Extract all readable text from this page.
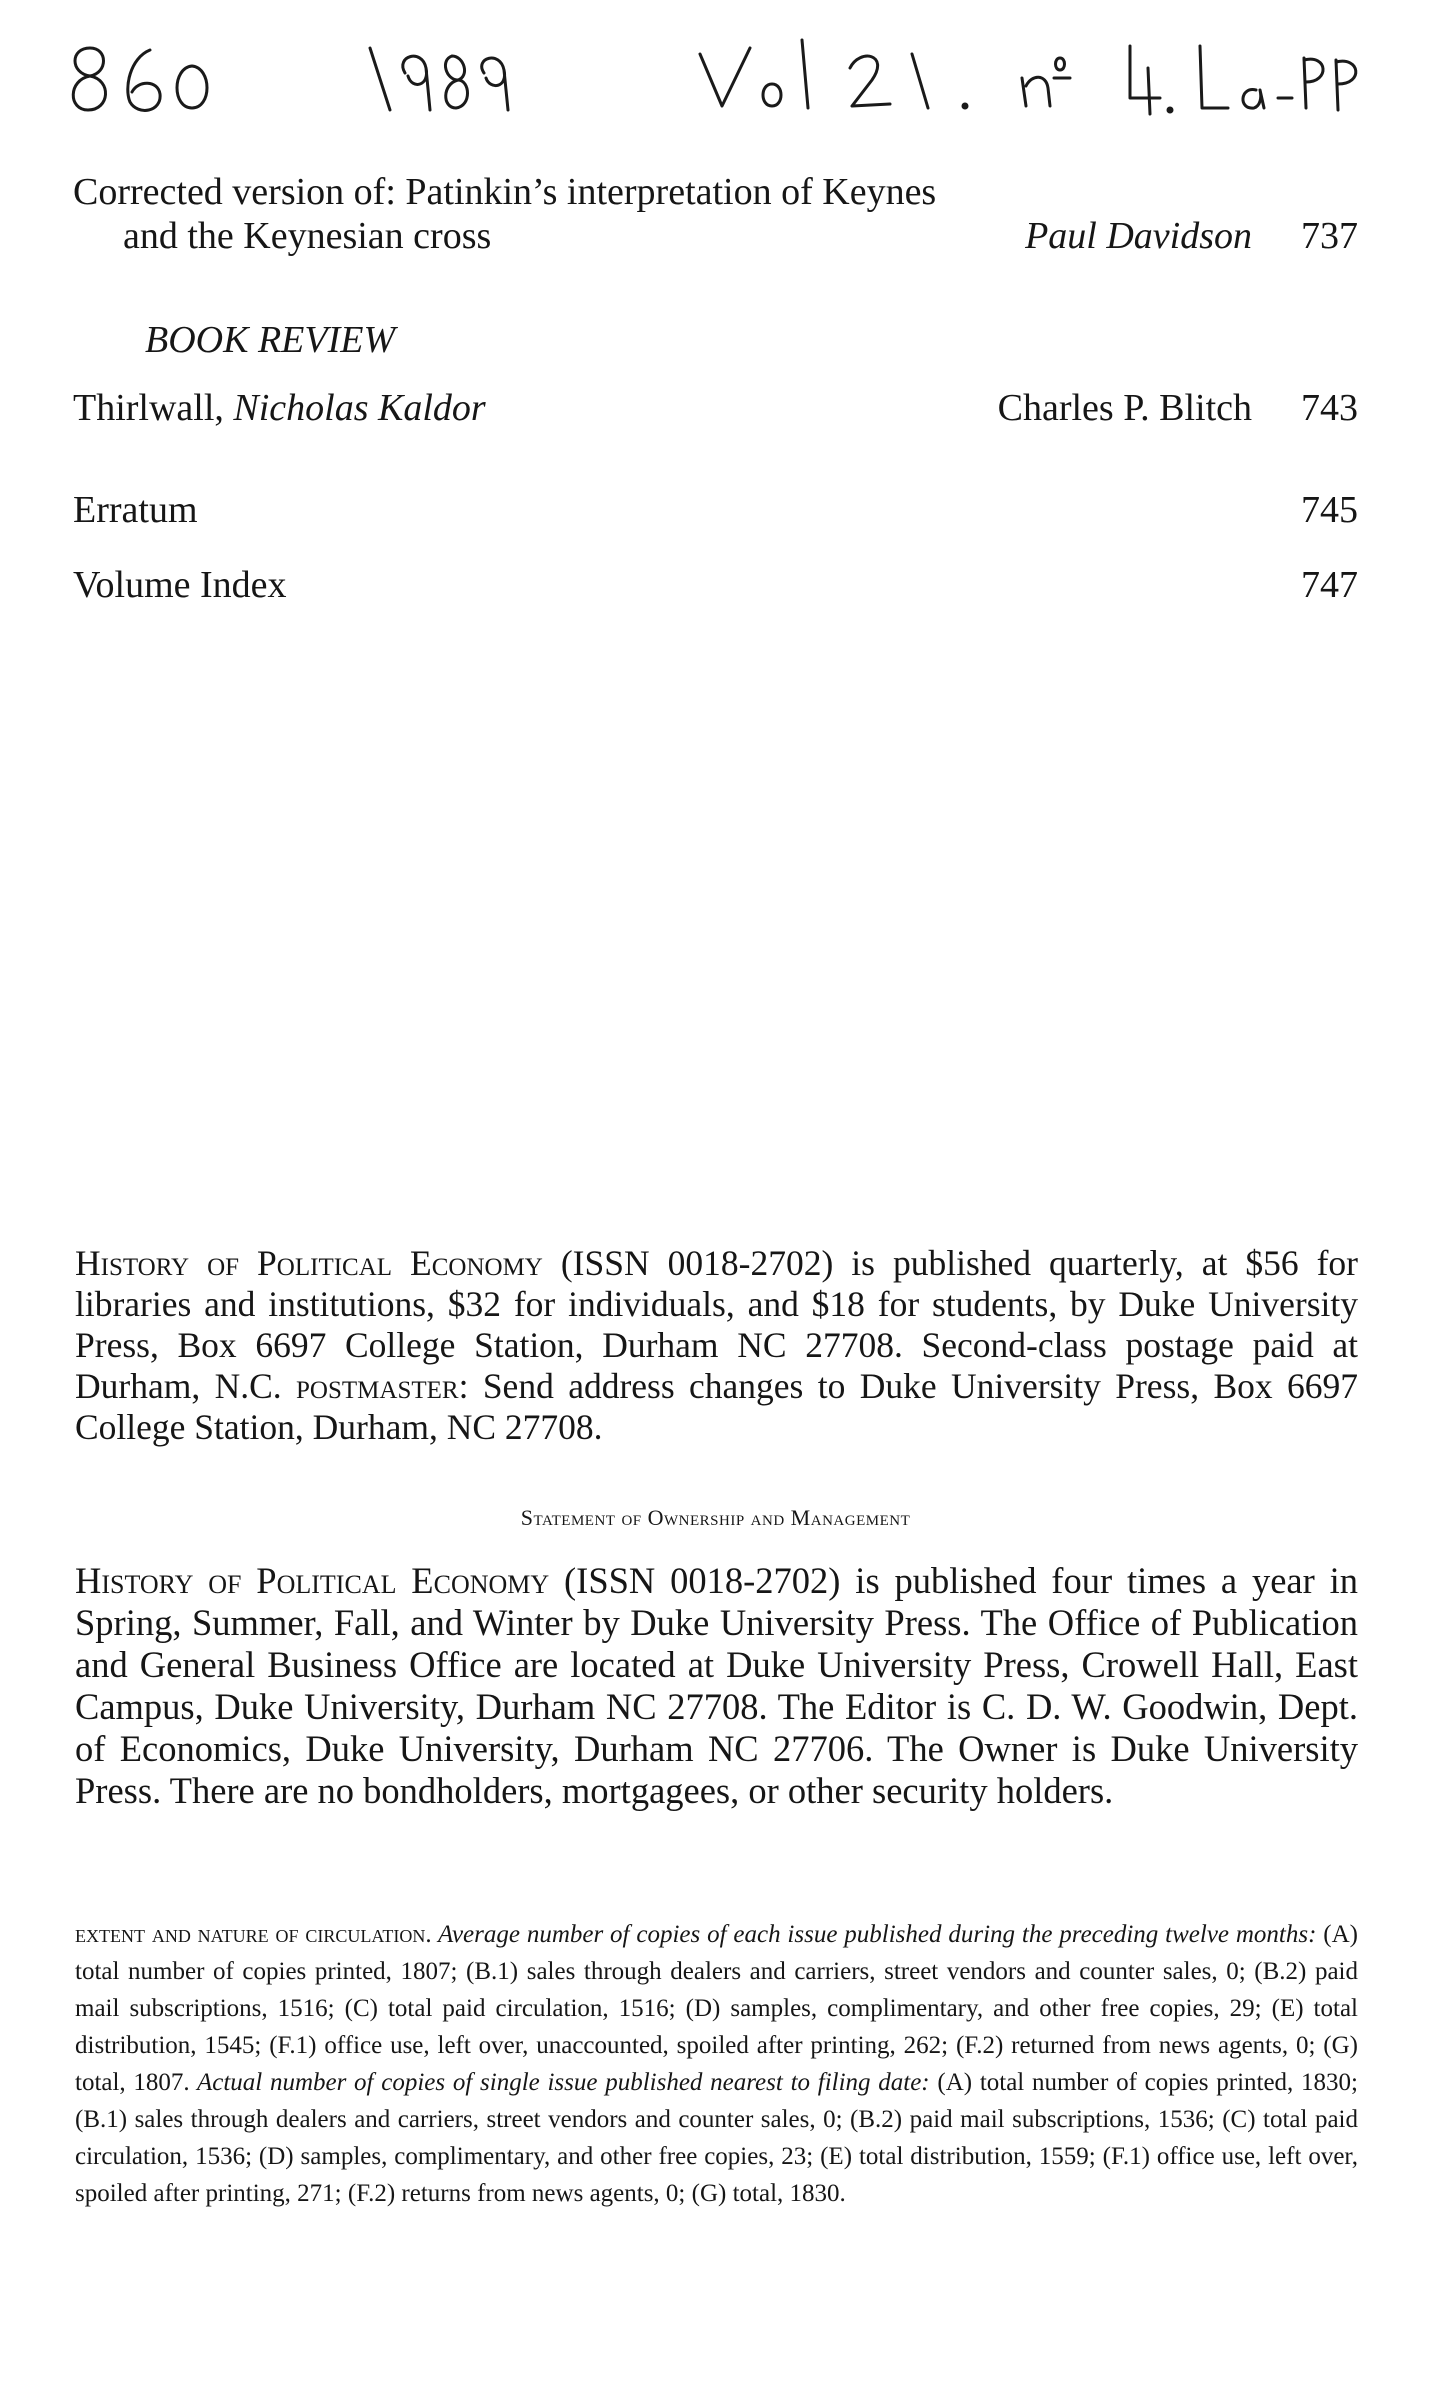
Corrected version of: Patinkin’s interpretation of Keynes
and the Keynesian cross	Paul Davidson	737
BOOK REVIEW
Thirlwall, Nicholas Kaldor	Charles P. Blitch	743
Erratum	745
Volume Index	747

History of Political Economy (ISSN 0018-2702) is published quarterly, at $56 for libraries and institutions, $32 for individuals, and $18 for students, by Duke University Press, Box 6697 College Station, Durham NC 27708. Second-class postage paid at Durham, N.C. postmaster: Send address changes to Duke University Press, Box 6697 College Station, Durham, NC 27708.

Statement of Ownership and Management

History of Political Economy (ISSN 0018-2702) is published four times a year in Spring, Summer, Fall, and Winter by Duke University Press. The Office of Publication and General Business Office are located at Duke University Press, Crowell Hall, East Campus, Duke University, Durham NC 27708. The Editor is C. D. W. Goodwin, Dept. of Economics, Duke University, Durham NC 27706. The Owner is Duke University Press. There are no bondholders, mortgagees, or other security holders.

extent and nature of circulation. Average number of copies of each issue published during the preceding twelve months: (A) total number of copies printed, 1807; (B.1) sales through dealers and carriers, street vendors and counter sales, 0; (B.2) paid mail subscriptions, 1516; (C) total paid circulation, 1516; (D) samples, complimentary, and other free copies, 29; (E) total distribution, 1545; (F.1) office use, left over, unaccounted, spoiled after printing, 262; (F.2) returned from news agents, 0; (G) total, 1807. Actual number of copies of single issue published nearest to filing date: (A) total number of copies printed, 1830; (B.1) sales through dealers and carriers, street vendors and counter sales, 0; (B.2) paid mail subscriptions, 1536; (C) total paid circulation, 1536; (D) samples, complimentary, and other free copies, 23; (E) total distribution, 1559; (F.1) office use, left over, spoiled after printing, 271; (F.2) returns from news agents, 0; (G) total, 1830.
